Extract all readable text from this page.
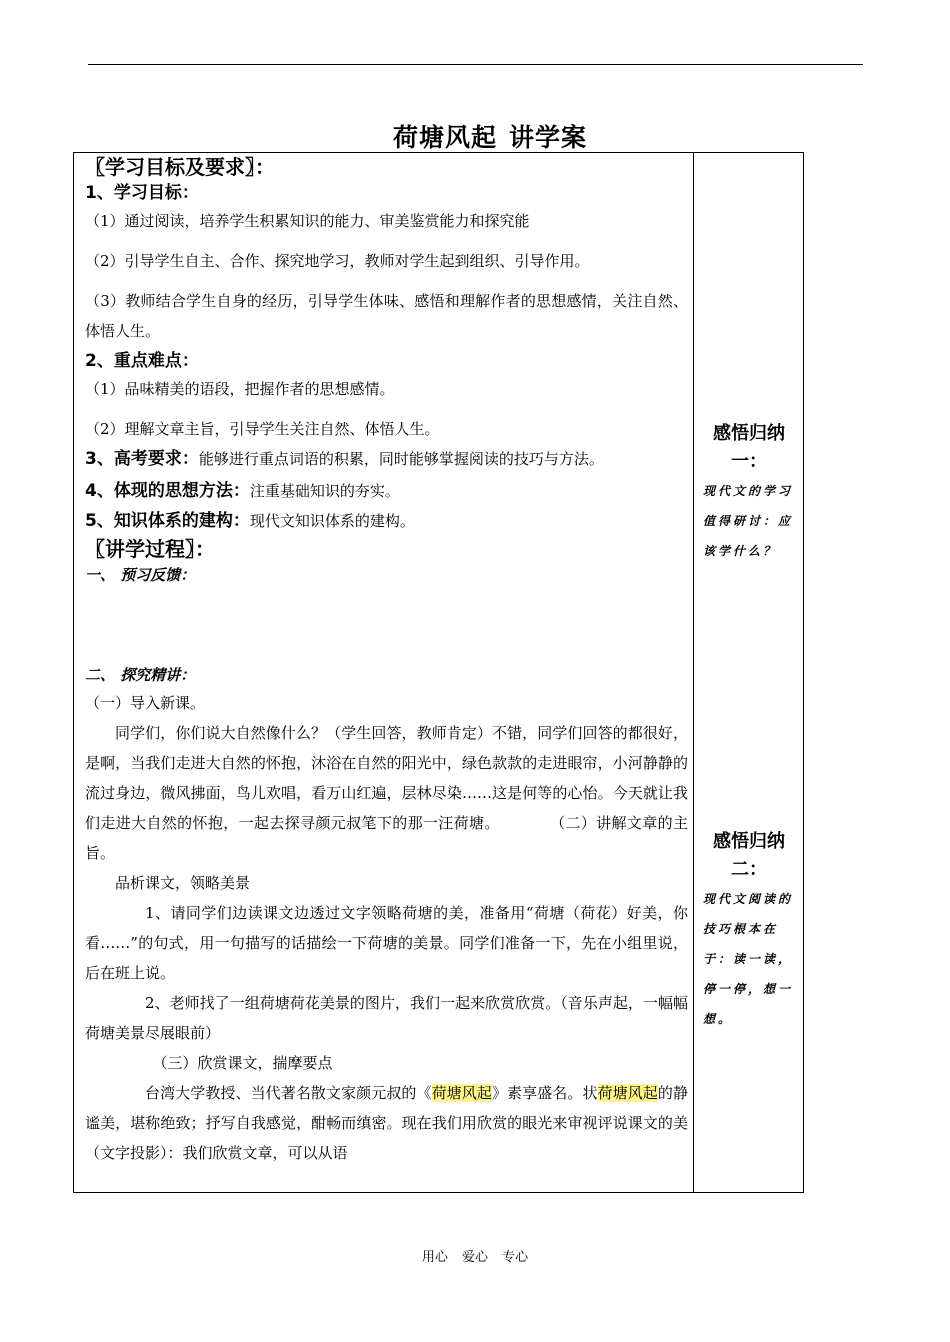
荷塘风起 讲学案

〖学习目标及要求〗：

1、学习目标：

（1）通过阅读，培养学生积累知识的能力、审美鉴赏能力和探究能

（2）引导学生自主、合作、探究地学习，教师对学生起到组织、引导作用。

（3）教师结合学生自身的经历，引导学生体味、感悟和理解作者的思想感情，关注自然、体悟人生。

2、重点难点：

（1）品味精美的语段，把握作者的思想感情。

（2）理解文章主旨，引导学生关注自然、体悟人生。

3、高考要求：能够进行重点词语的积累，同时能够掌握阅读的技巧与方法。

4、体现的思想方法：注重基础知识的夯实。

5、知识体系的建构：现代文知识体系的建构。

〖讲学过程〗：

一、 预习反馈：

二、 探究精讲：

（一）导入新课。

同学们，你们说大自然像什么？（学生回答，教师肯定）不错，同学们回答的都很好，是啊，当我们走进大自然的怀抱，沐浴在自然的阳光中，绿色款款的走进眼帘，小河静静的流过身边，微风拂面，鸟儿欢唱，看万山红遍，层林尽染……这是何等的心怡。今天就让我们走进大自然的怀抱，一起去探寻颜元叔笔下的那一汪荷塘。	（二）讲解文章的主旨。

品析课文，领略美景

1、请同学们边读课文边透过文字领略荷塘的美，准备用“荷塘（荷花）好美，你看……”的句式，用一句描写的话描绘一下荷塘的美景。同学们准备一下，先在小组里说，后在班上说。

2、老师找了一组荷塘荷花美景的图片，我们一起来欣赏欣赏。（音乐声起，一幅幅荷塘美景尽展眼前）

（三）欣赏课文，揣摩要点

台湾大学教授、当代著名散文家颜元叔的《荷塘风起》素享盛名。状荷塘风起的静谧美，堪称绝致；抒写自我感觉，酣畅而缜密。现在我们用欣赏的眼光来审视评说课文的美（文字投影）：我们欣赏文章，可以从语

感悟归纳一：

现代文的学习值得研讨：应该学什么？

感悟归纳二：

现代文阅读的技巧根本在于：读一读，停一停，想一想。

用心 爱心 专心
